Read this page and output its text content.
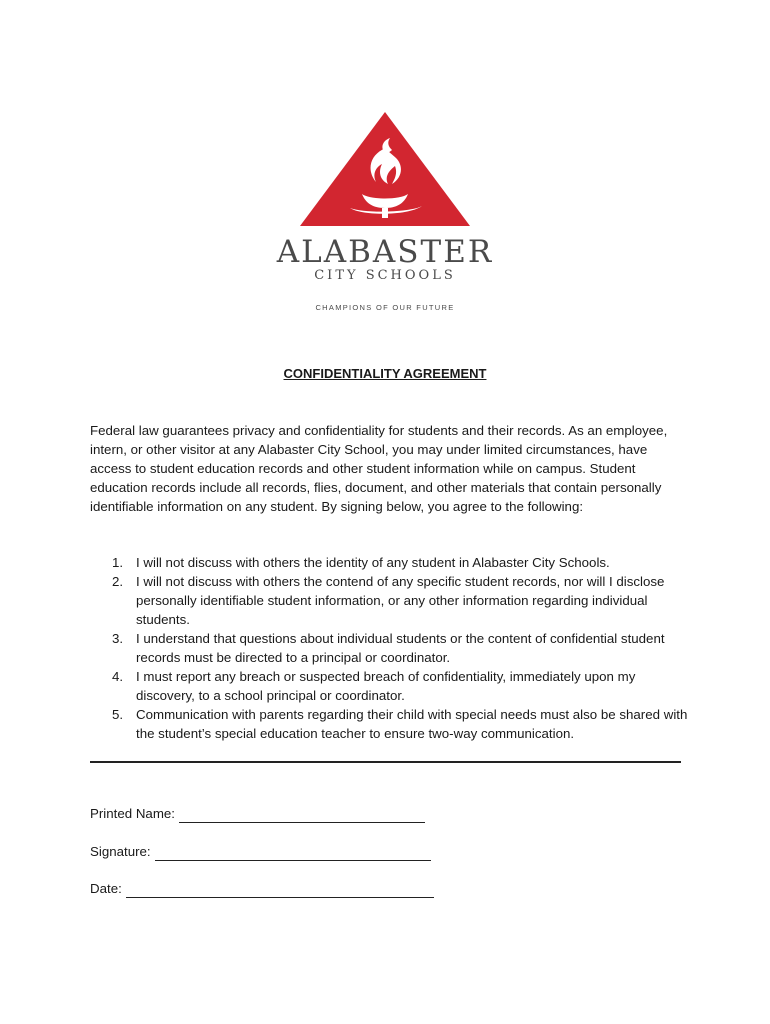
ALABASTER
CITY SCHOOLS
CHAMPIONS OF OUR FUTURE
CONFIDENTIALITY AGREEMENT

Federal law guarantees privacy and confidentiality for students and their records. As an employee, intern, or other visitor at any Alabaster City School, you may under limited circumstances, have access to student education records and other student information while on campus. Student education records include all records, flies, document, and other materials that contain personally identifiable information on any student. By signing below, you agree to the following:

1. I will not discuss with others the identity of any student in Alabaster City Schools.
2. I will not discuss with others the contend of any specific student records, nor will I disclose personally identifiable student information, or any other information regarding individual students.
3. I understand that questions about individual students or the content of confidential student records must be directed to a principal or coordinator.
4. I must report any breach or suspected breach of confidentiality, immediately upon my discovery, to a school principal or coordinator.
5. Communication with parents regarding their child with special needs must also be shared with the student’s special education teacher to ensure two-way communication.
Printed Name:
Signature:
Date:
